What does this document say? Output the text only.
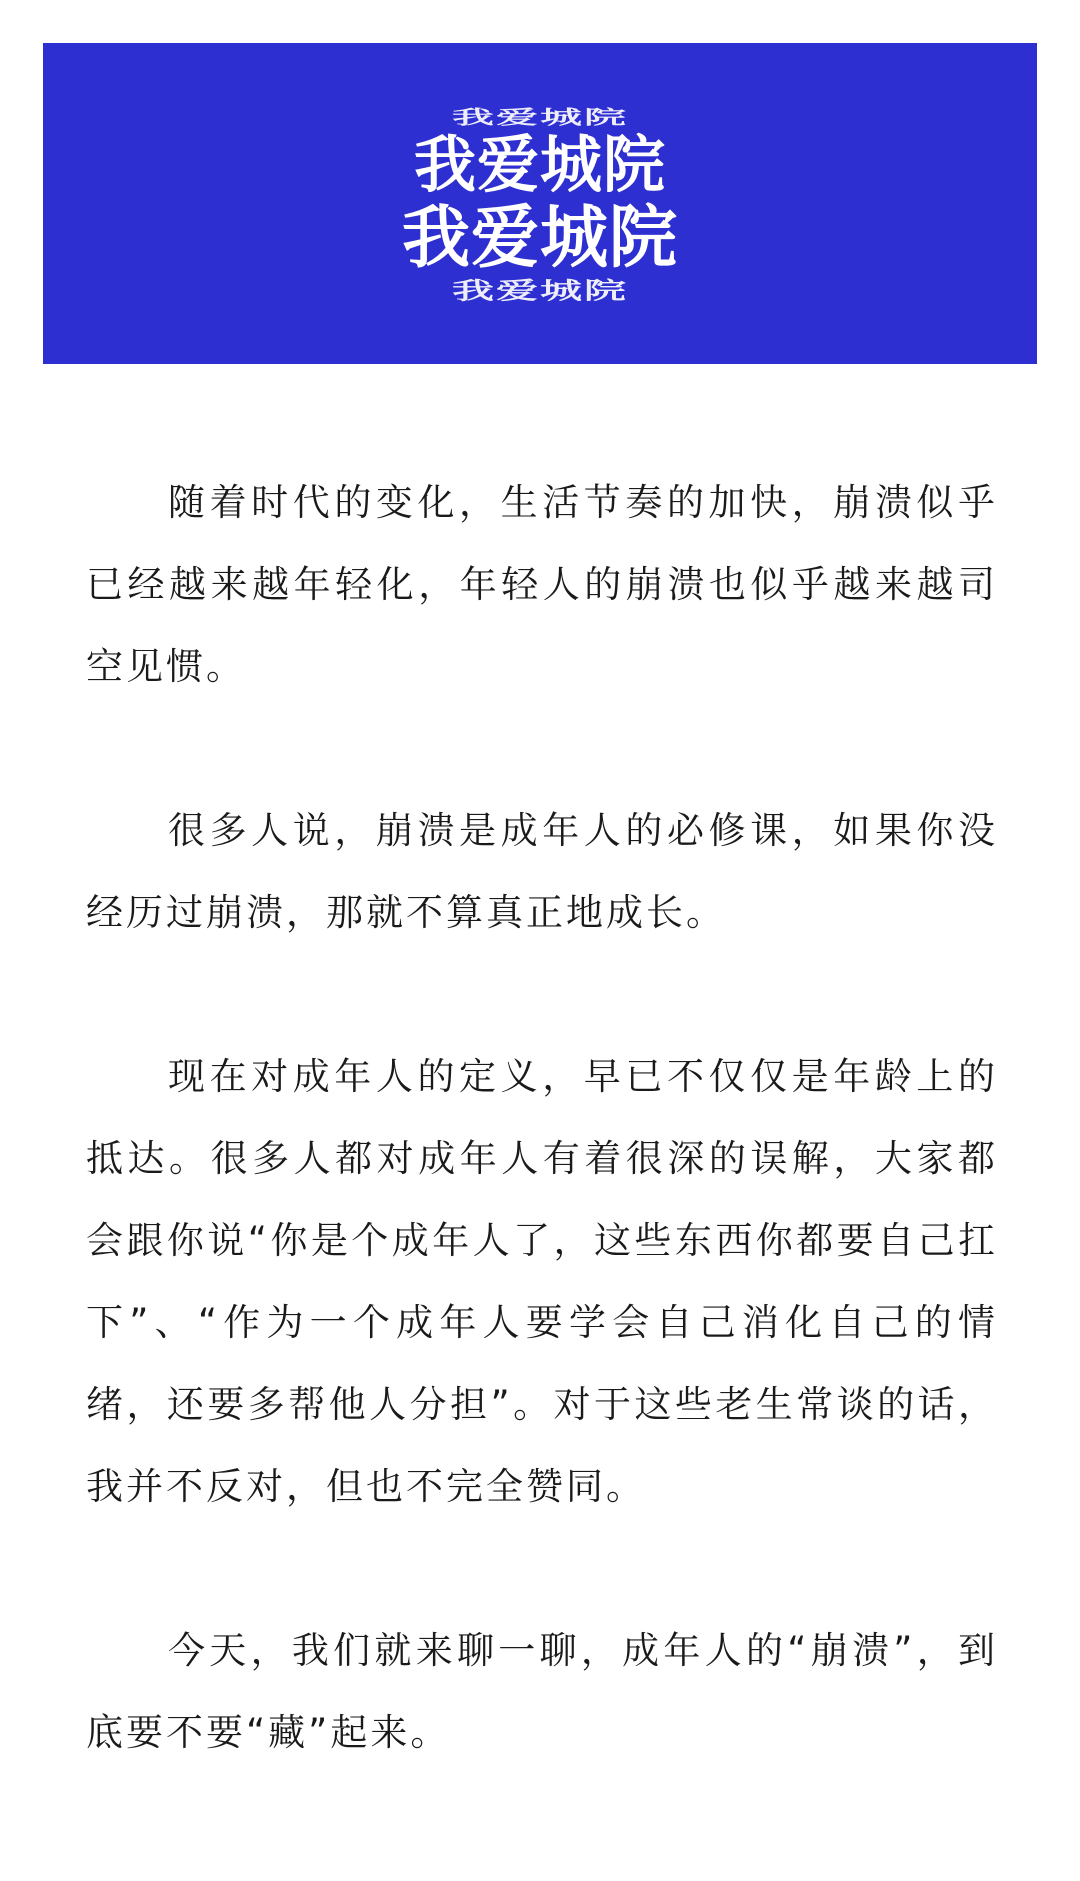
我爱城院
我爱城院
我爱城院
我爱城院

随着时代的变化，生活节奏的加快，崩溃似乎已经越来越年轻化，年轻人的崩溃也似乎越来越司空见惯。

很多人说，崩溃是成年人的必修课，如果你没经历过崩溃，那就不算真正地成长。

现在对成年人的定义，早已不仅仅是年龄上的抵达。很多人都对成年人有着很深的误解，大家都会跟你说“你是个成年人了，这些东西你都要自己扛下”、“作为一个成年人要学会自己消化自己的情绪，还要多帮他人分担”。对于这些老生常谈的话，我并不反对，但也不完全赞同。

今天，我们就来聊一聊，成年人的“崩溃”，到底要不要“藏”起来。
